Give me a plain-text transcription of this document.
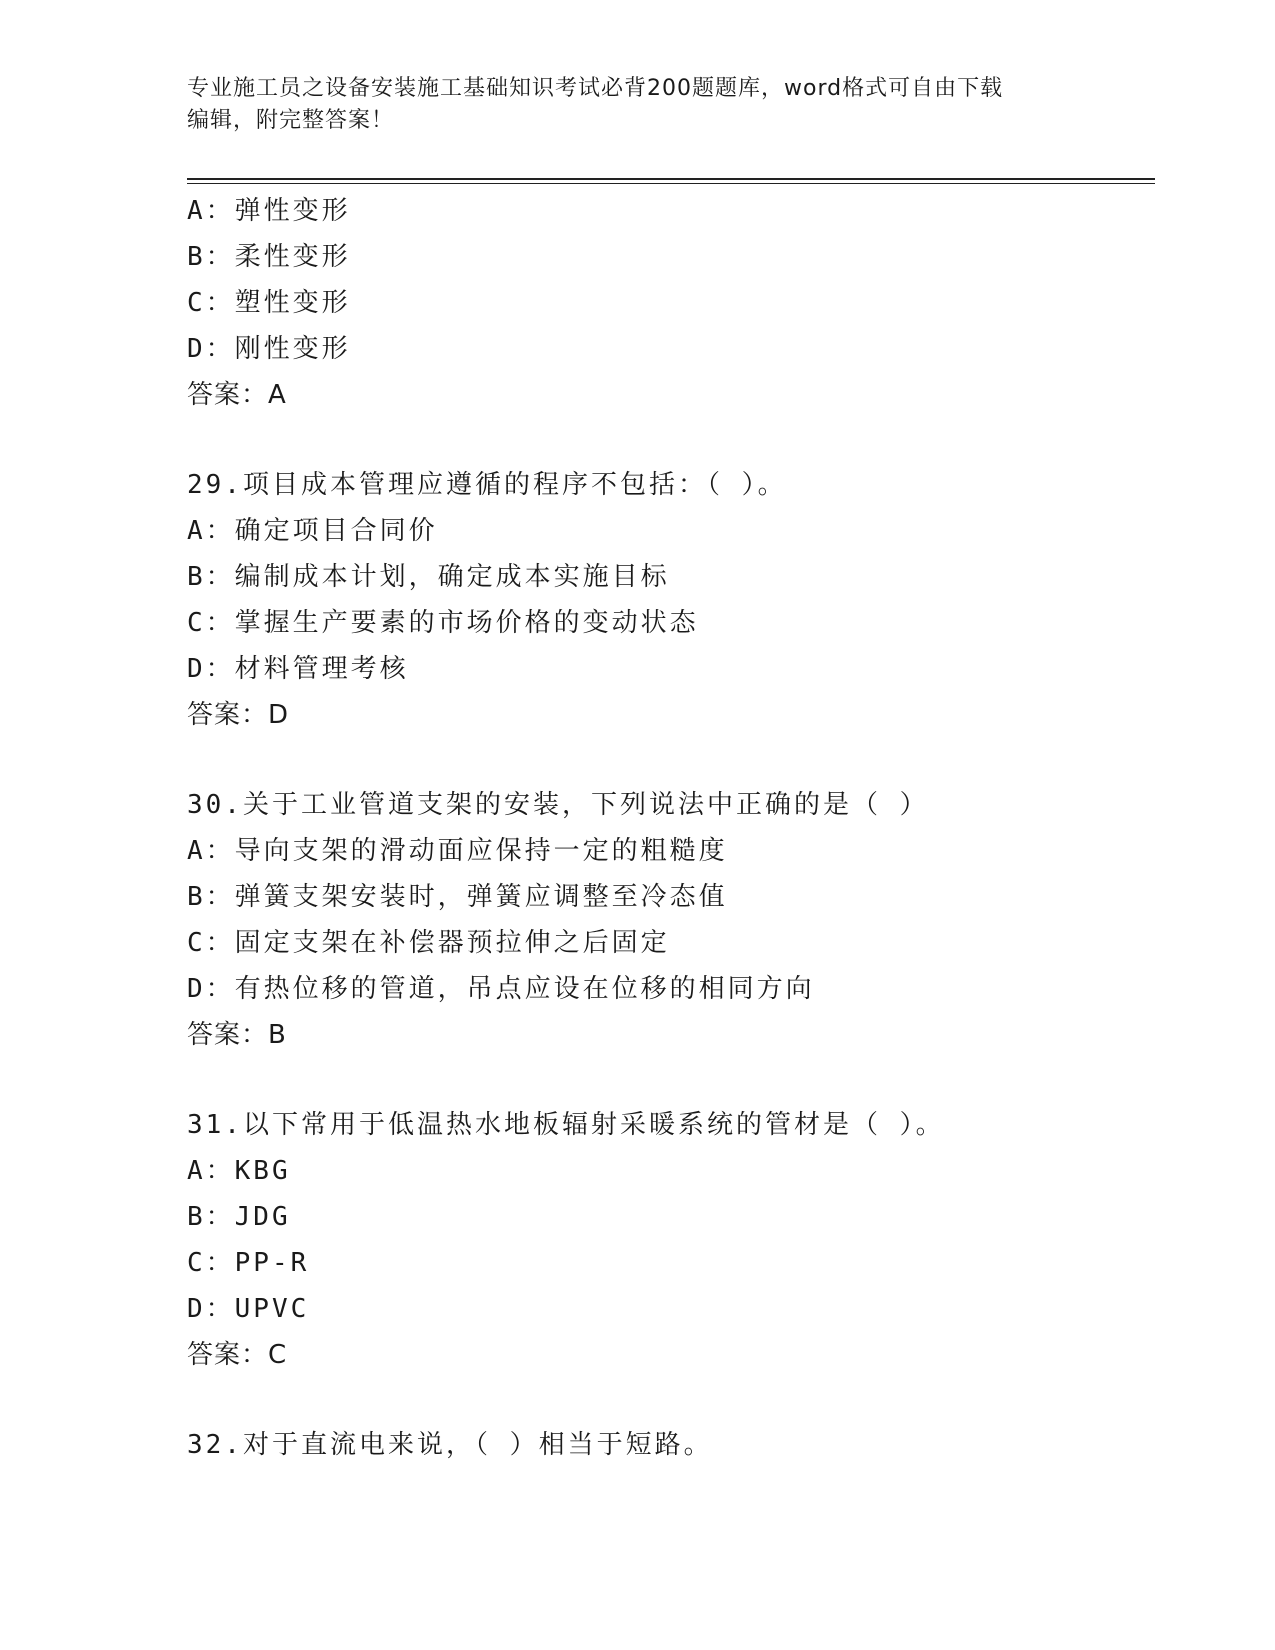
专业施工员之设备安装施工基础知识考试必背200题题库，word格式可自由下载
编辑，附完整答案！
A：弹性变形
B：柔性变形
C：塑性变形
D：刚性变形
答案：A
29.项目成本管理应遵循的程序不包括：（ ）。
A：确定项目合同价
B：编制成本计划，确定成本实施目标
C：掌握生产要素的市场价格的变动状态
D：材料管理考核
答案：D
30.关于工业管道支架的安装，下列说法中正确的是（ ）
A：导向支架的滑动面应保持一定的粗糙度
B：弹簧支架安装时，弹簧应调整至冷态值
C：固定支架在补偿器预拉伸之后固定
D：有热位移的管道，吊点应设在位移的相同方向
答案：B
31.以下常用于低温热水地板辐射采暖系统的管材是（ ）。
A：KBG
B：JDG
C：PP-R
D：UPVC
答案：C
32.对于直流电来说，（ ）相当于短路。
